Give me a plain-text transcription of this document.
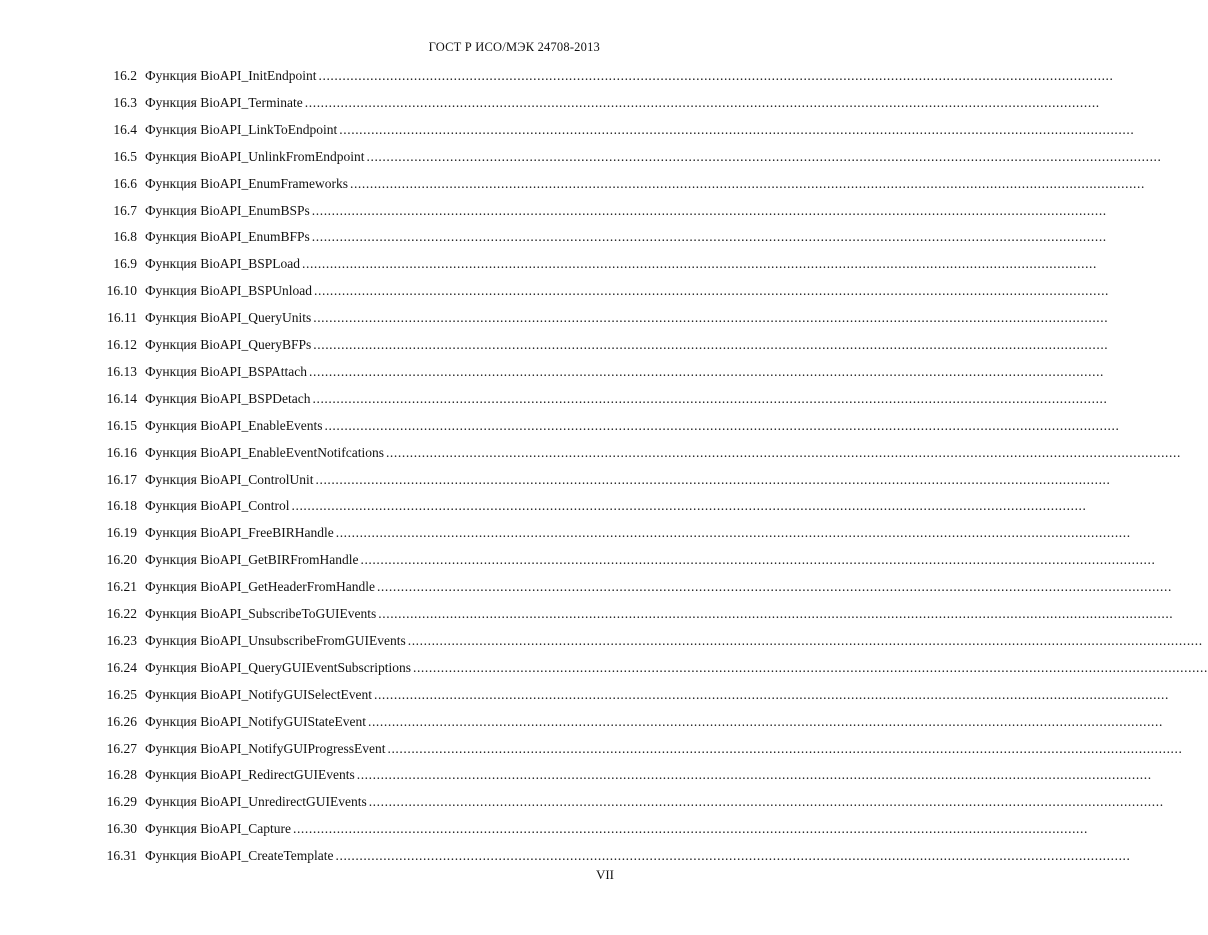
ГОСТ Р ИСО/МЭК 24708-2013
16.2 Функция BioAPI_InitEndpoint ........................................................................................................................................................................................................
16.3 Функция BioAPI_Terminate ........................................................................................................................................................................................................
16.4 Функция BioAPI_LinkToEndpoint ........................................................................................................................................................................................................
16.5 Функция BioAPI_UnlinkFromEndpoint ........................................................................................................................................................................................................
16.6 Функция BioAPI_EnumFrameworks ........................................................................................................................................................................................................
16.7 Функция BioAPI_EnumBSPs ........................................................................................................................................................................................................
16.8 Функция BioAPI_EnumBFPs ........................................................................................................................................................................................................
16.9 Функция BioAPI_BSPLoad ........................................................................................................................................................................................................
16.10 Функция BioAPI_BSPUnload ........................................................................................................................................................................................................
16.11 Функция BioAPI_QueryUnits ........................................................................................................................................................................................................
16.12 Функция BioAPI_QueryBFPs ........................................................................................................................................................................................................
16.13 Функция BioAPI_BSPAttach ........................................................................................................................................................................................................
16.14 Функция BioAPI_BSPDetach ........................................................................................................................................................................................................
16.15 Функция BioAPI_EnableEvents ........................................................................................................................................................................................................
16.16 Функция BioAPI_EnableEventNotifcations ........................................................................................................................................................................................................
16.17 Функция BioAPI_ControlUnit ........................................................................................................................................................................................................
16.18 Функция BioAPI_Control ........................................................................................................................................................................................................
16.19 Функция BioAPI_FreeBIRHandle ........................................................................................................................................................................................................
16.20 Функция BioAPI_GetBIRFromHandle ........................................................................................................................................................................................................
16.21 Функция BioAPI_GetHeaderFromHandle ........................................................................................................................................................................................................
16.22 Функция BioAPI_SubscribeToGUIEvents ........................................................................................................................................................................................................
16.23 Функция BioAPI_UnsubscribeFromGUIEvents ........................................................................................................................................................................................................
16.24 Функция BioAPI_QueryGUIEventSubscriptions ........................................................................................................................................................................................................
16.25 Функция BioAPI_NotifyGUISelectEvent ........................................................................................................................................................................................................
16.26 Функция BioAPI_NotifyGUIStateEvent ........................................................................................................................................................................................................
16.27 Функция BioAPI_NotifyGUIProgressEvent ........................................................................................................................................................................................................
16.28 Функция BioAPI_RedirectGUIEvents ........................................................................................................................................................................................................
16.29 Функция BioAPI_UnredirectGUIEvents ........................................................................................................................................................................................................
16.30 Функция BioAPI_Capture ........................................................................................................................................................................................................
16.31 Функция BioAPI_CreateTemplate ........................................................................................................................................................................................................
VII
